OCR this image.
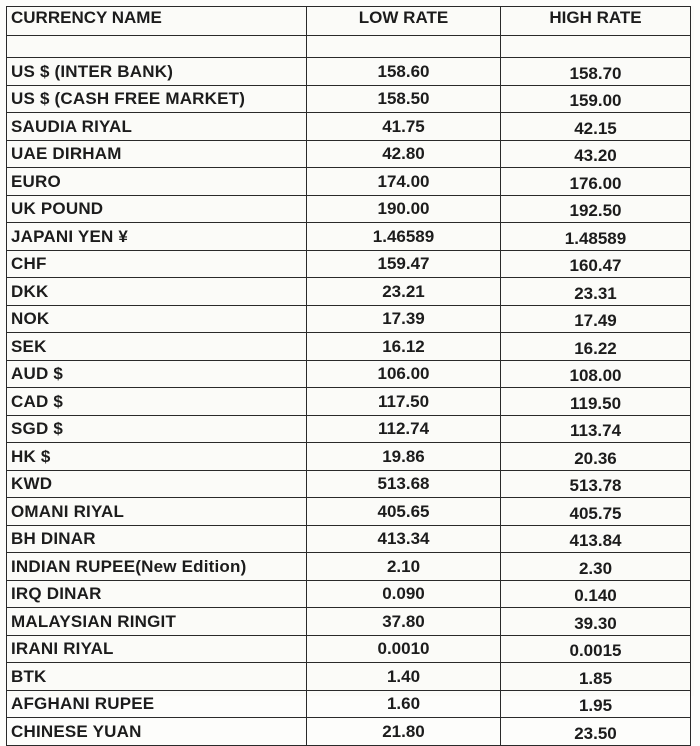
CURRENCY NAME	LOW RATE	HIGH RATE

US $ (INTER BANK)	158.60	158.70
US $ (CASH FREE MARKET)	158.50	159.00
SAUDIA RIYAL	41.75	42.15
UAE DIRHAM	42.80	43.20
EURO	174.00	176.00
UK POUND	190.00	192.50
JAPANI YEN ¥	1.46589	1.48589
CHF	159.47	160.47
DKK	23.21	23.31
NOK	17.39	17.49
SEK	16.12	16.22
AUD $	106.00	108.00
CAD $	117.50	119.50
SGD $	112.74	113.74
HK $	19.86	20.36
KWD	513.68	513.78
OMANI RIYAL	405.65	405.75
BH DINAR	413.34	413.84
INDIAN RUPEE(New Edition)	2.10	2.30
IRQ DINAR	0.090	0.140
MALAYSIAN RINGIT	37.80	39.30
IRANI RIYAL	0.0010	0.0015
BTK	1.40	1.85
AFGHANI RUPEE	1.60	1.95
CHINESE YUAN	21.80	23.50
